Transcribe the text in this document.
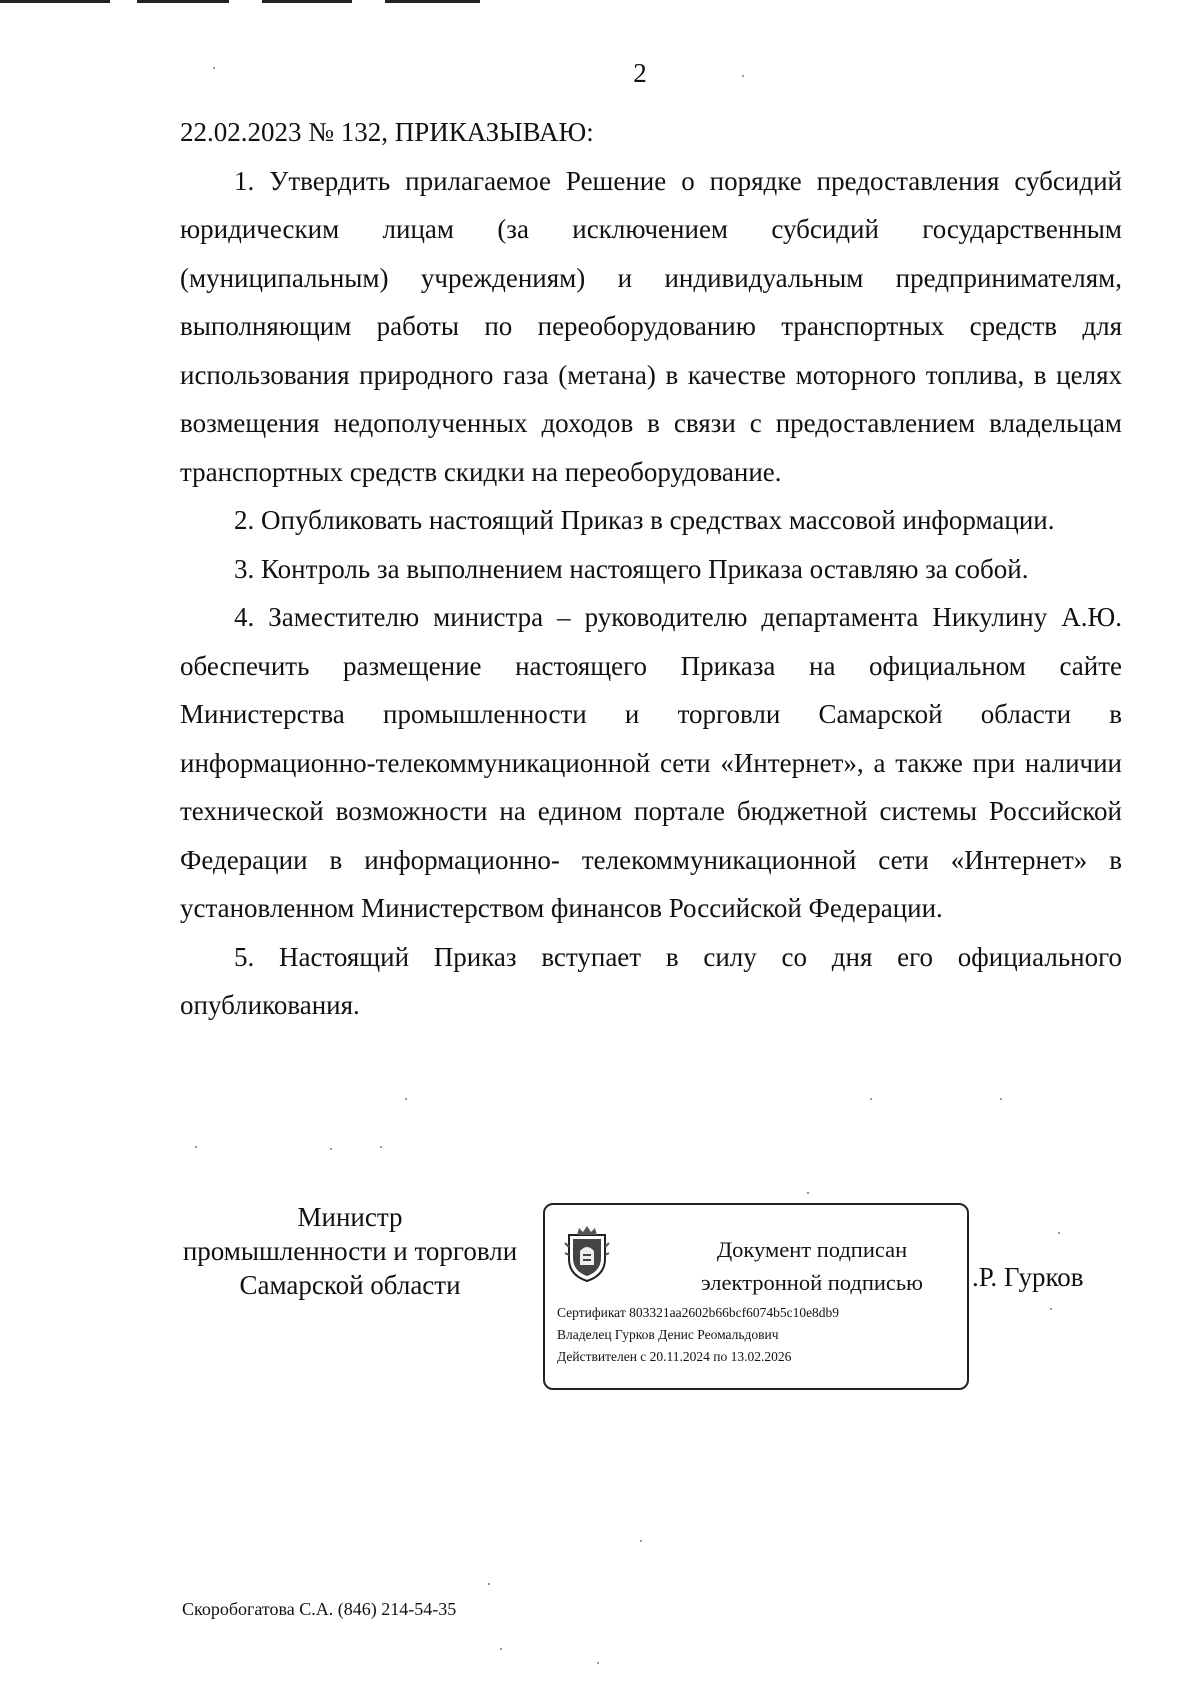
2

22.02.2023 № 132, ПРИКАЗЫВАЮ:

1. Утвердить прилагаемое Решение о порядке предоставления субсидий юридическим лицам (за исключением субсидий государственным (муниципальным) учреждениям) и индивидуальным предпринимателям, выполняющим работы по переоборудованию транспортных средств для использования природного газа (метана) в качестве моторного топлива, в целях возмещения недополученных доходов в связи с предоставлением владельцам транспортных средств скидки на переоборудование.

2. Опубликовать настоящий Приказ в средствах массовой информации.

3. Контроль за выполнением настоящего Приказа оставляю за собой.

4. Заместителю министра – руководителю департамента Никулину А.Ю. обеспечить размещение настоящего Приказа на официальном сайте Министерства промышленности и торговли Самарской области в информационно-телекоммуникационной сети «Интернет», а также при наличии технической возможности на едином портале бюджетной системы Российской Федерации в информационно- телекоммуникационной сети «Интернет» в установленном Министерством финансов Российской Федерации.

5. Настоящий Приказ вступает в силу со дня его официального опубликования.

Министр
промышленности и торговли
Самарской области
Документ подписан
электронной подписью
Сертификат 803321aa2602b66bcf6074b5c10e8db9
Владелец Гурков Денис Реомальдович
Действителен с 20.11.2024 по 13.02.2026
.Р. Гурков
Скоробогатова С.А. (846) 214-54-35
